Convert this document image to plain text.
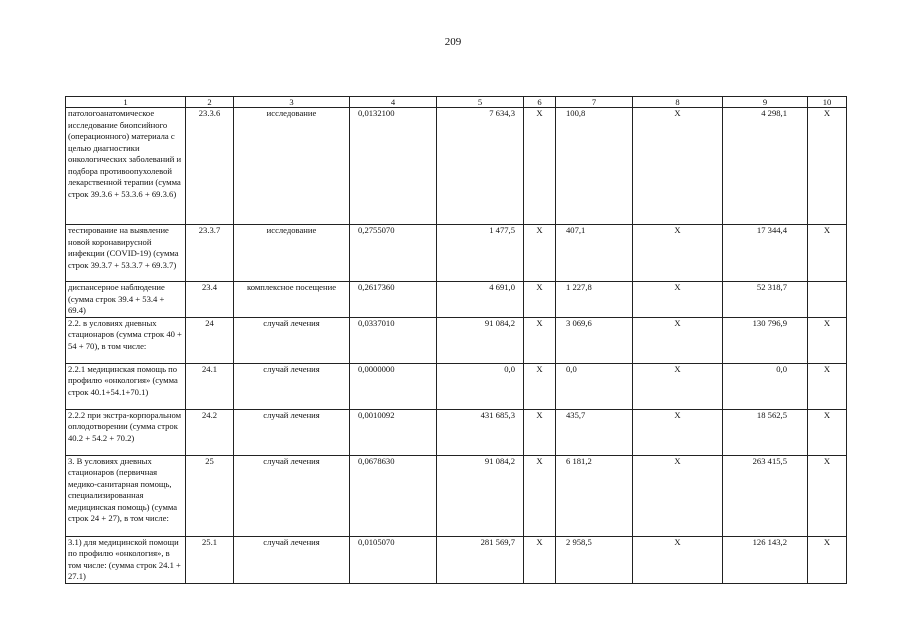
209
1	2	3	4	5	6	7	8	9	10
патологоанатомическое исследование биопсийного (операционного) материала с целью диагностики онкологических заболеваний и подбора противоопухолевой лекарственной терапии (сумма строк 39.3.6 + 53.3.6 + 69.3.6)	23.3.6	исследование	0,0132100	7 634,3	X	100,8	X	4 298,1	X
тестирование на выявление новой коронавирусной инфекции (COVID-19) (сумма строк 39.3.7 + 53.3.7 + 69.3.7)	23.3.7	исследование	0,2755070	1 477,5	X	407,1	X	17 344,4	X
диспансерное наблюдение (сумма строк 39.4 + 53.4 + 69.4)	23.4	комплексное посещение	0,2617360	4 691,0	X	1 227,8	X	52 318,7	
2.2. в условиях дневных стационаров (сумма строк 40 + 54 + 70), в том числе:	24	случай лечения	0,0337010	91 084,2	X	3 069,6	X	130 796,9	X
2.2.1 медицинская помощь по профилю «онкология» (сумма строк 40.1+54.1+70.1)	24.1	случай лечения	0,0000000	0,0	X	0,0	X	0,0	X
2.2.2 при экстра-корпоральном оплодотворении (сумма строк 40.2 + 54.2 + 70.2)	24.2	случай лечения	0,0010092	431 685,3	X	435,7	X	18 562,5	X
3. В условиях дневных стационаров (первичная медико-санитарная помощь, специализированная медицинская помощь) (сумма строк 24 + 27), в том числе:	25	случай лечения	0,0678630	91 084,2	X	6 181,2	X	263 415,5	X
3.1) для медицинской помощи по профилю «онкология», в том числе: (сумма строк 24.1 + 27.1)	25.1	случай лечения	0,0105070	281 569,7	X	2 958,5	X	126 143,2	X
